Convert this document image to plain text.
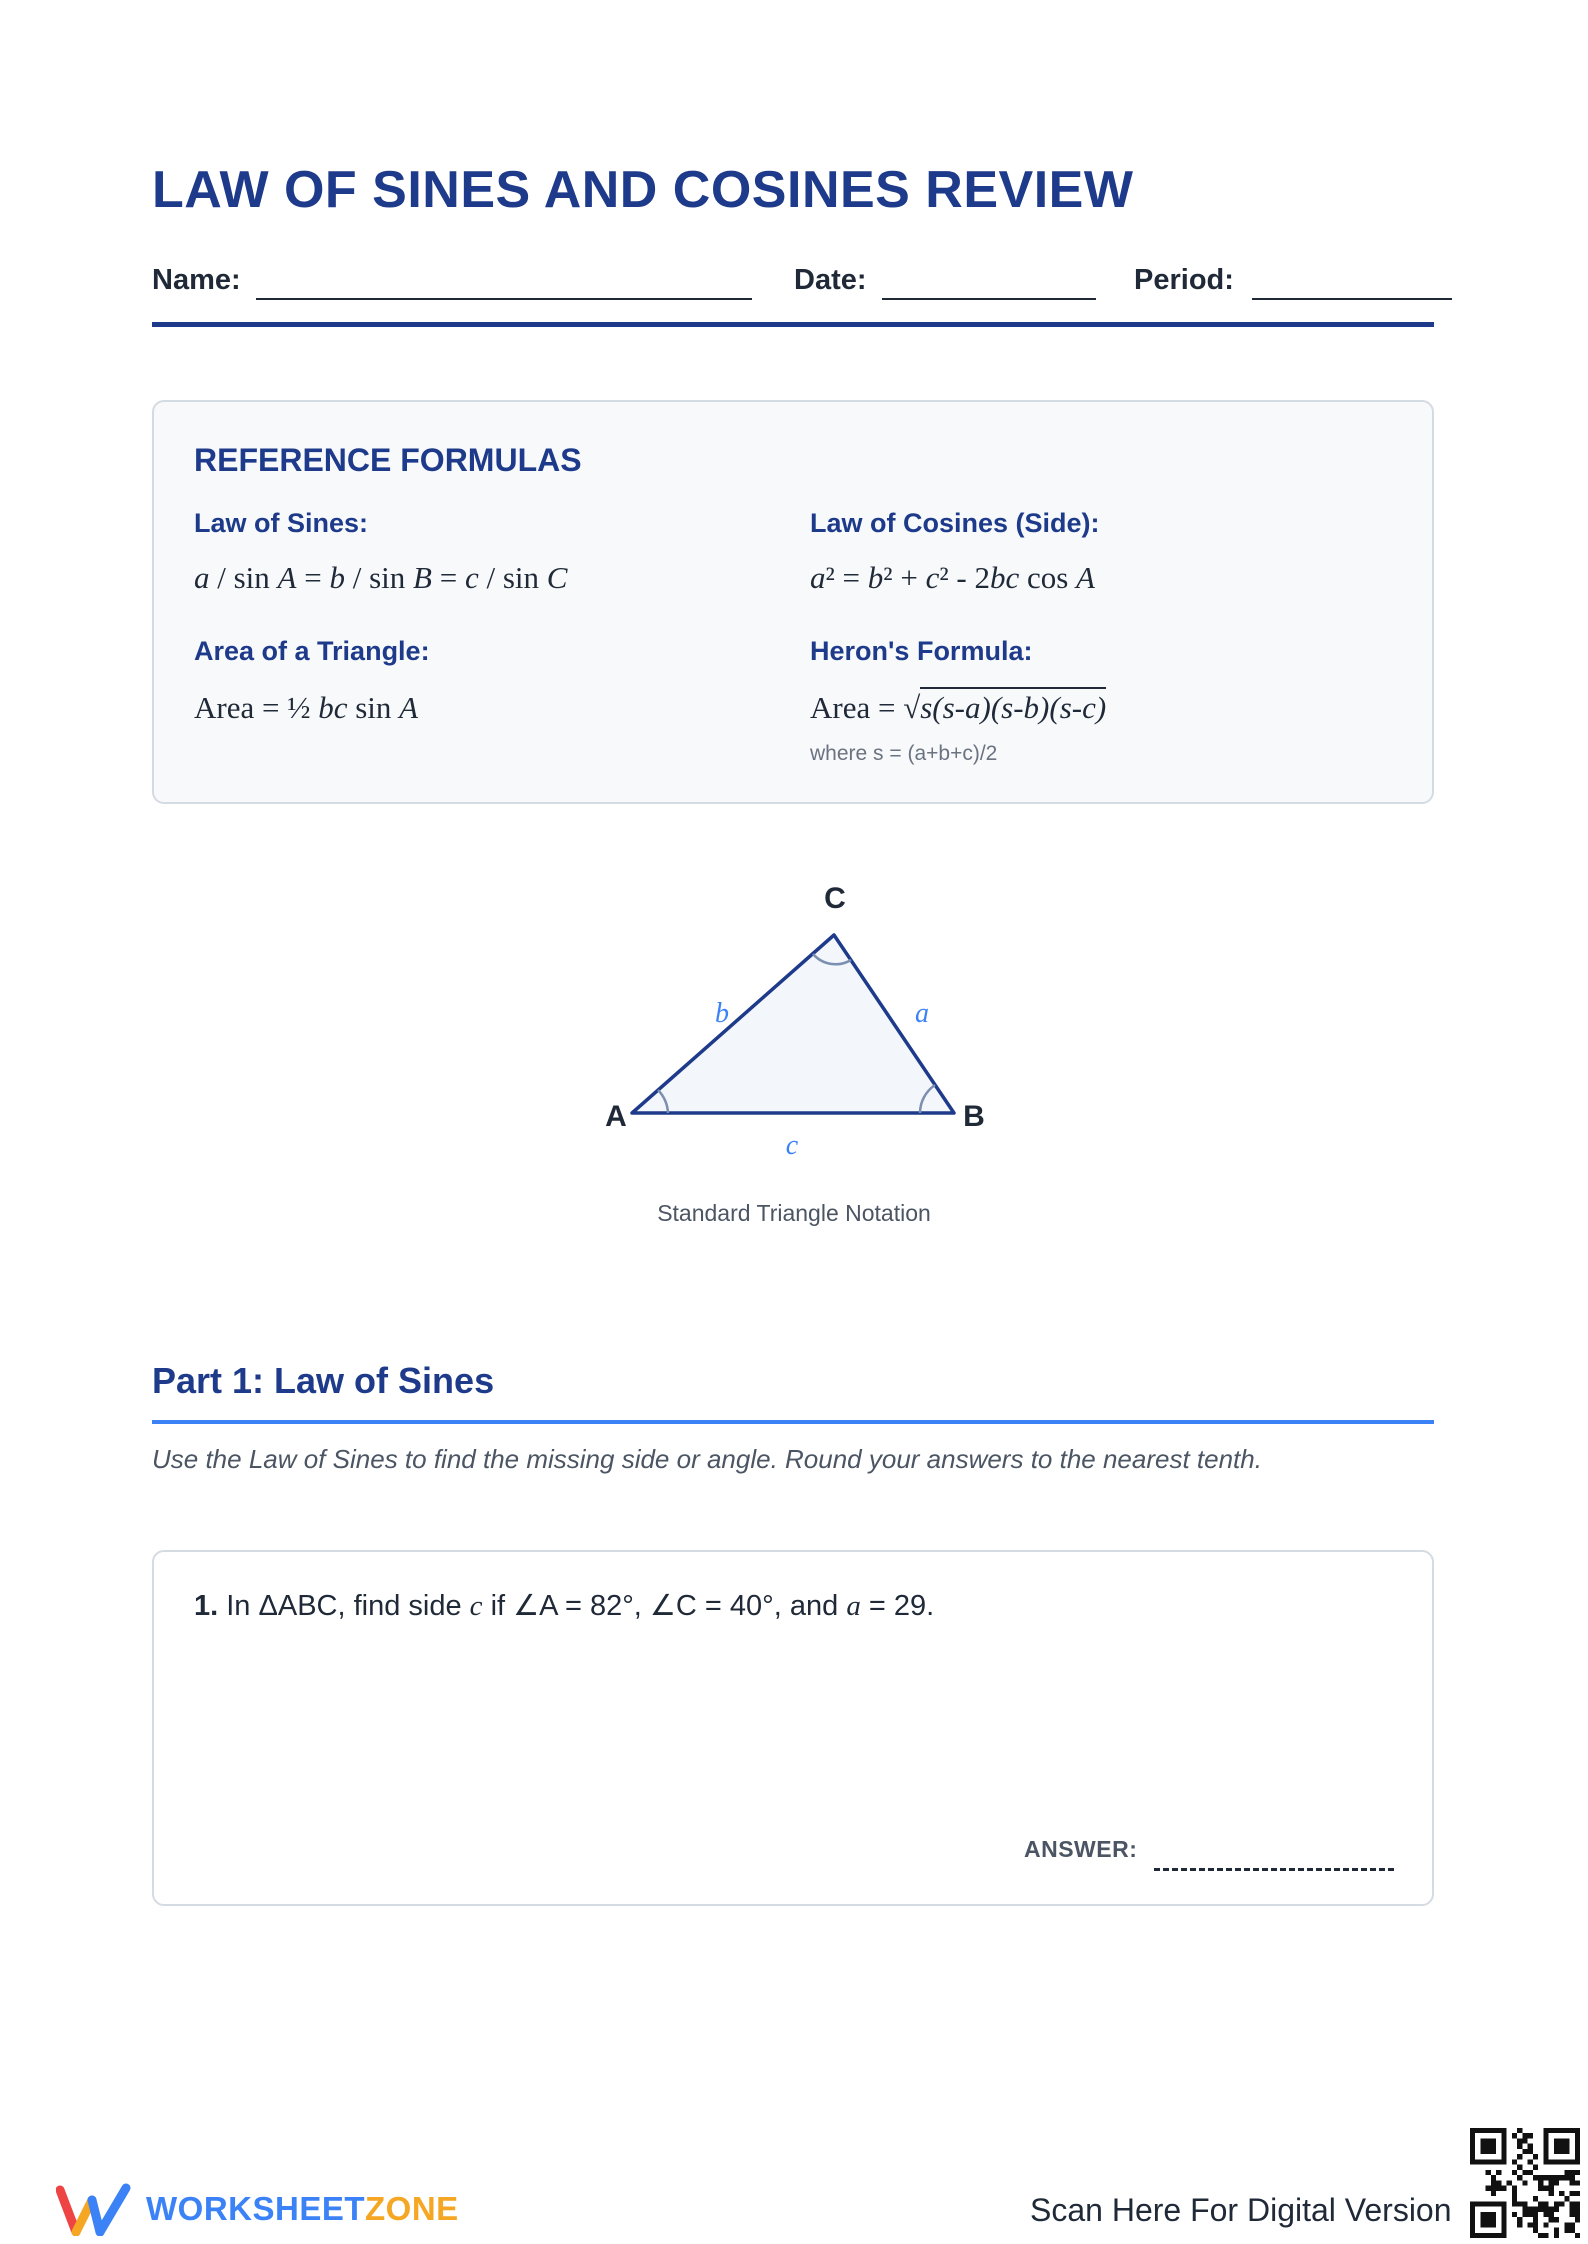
LAW OF SINES AND COSINES REVIEW
Name:	Date:	Period:
REFERENCE FORMULAS
Law of Sines:
a / sin A = b / sin B = c / sin C
Law of Cosines (Side):
a² = b² + c² - 2bc cos A
Area of a Triangle:
Area = ½ bc sin A
Heron's Formula:
Area = √s(s-a)(s-b)(s-c)
where s = (a+b+c)/2
C
A	B
b	a
c
Standard Triangle Notation
Part 1: Law of Sines
Use the Law of Sines to find the missing side or angle. Round your answers to the nearest tenth.
1. In ΔABC, find side c if ∠A = 82°, ∠C = 40°, and a = 29.
ANSWER:
WORKSHEETZONE	Scan Here For Digital Version
